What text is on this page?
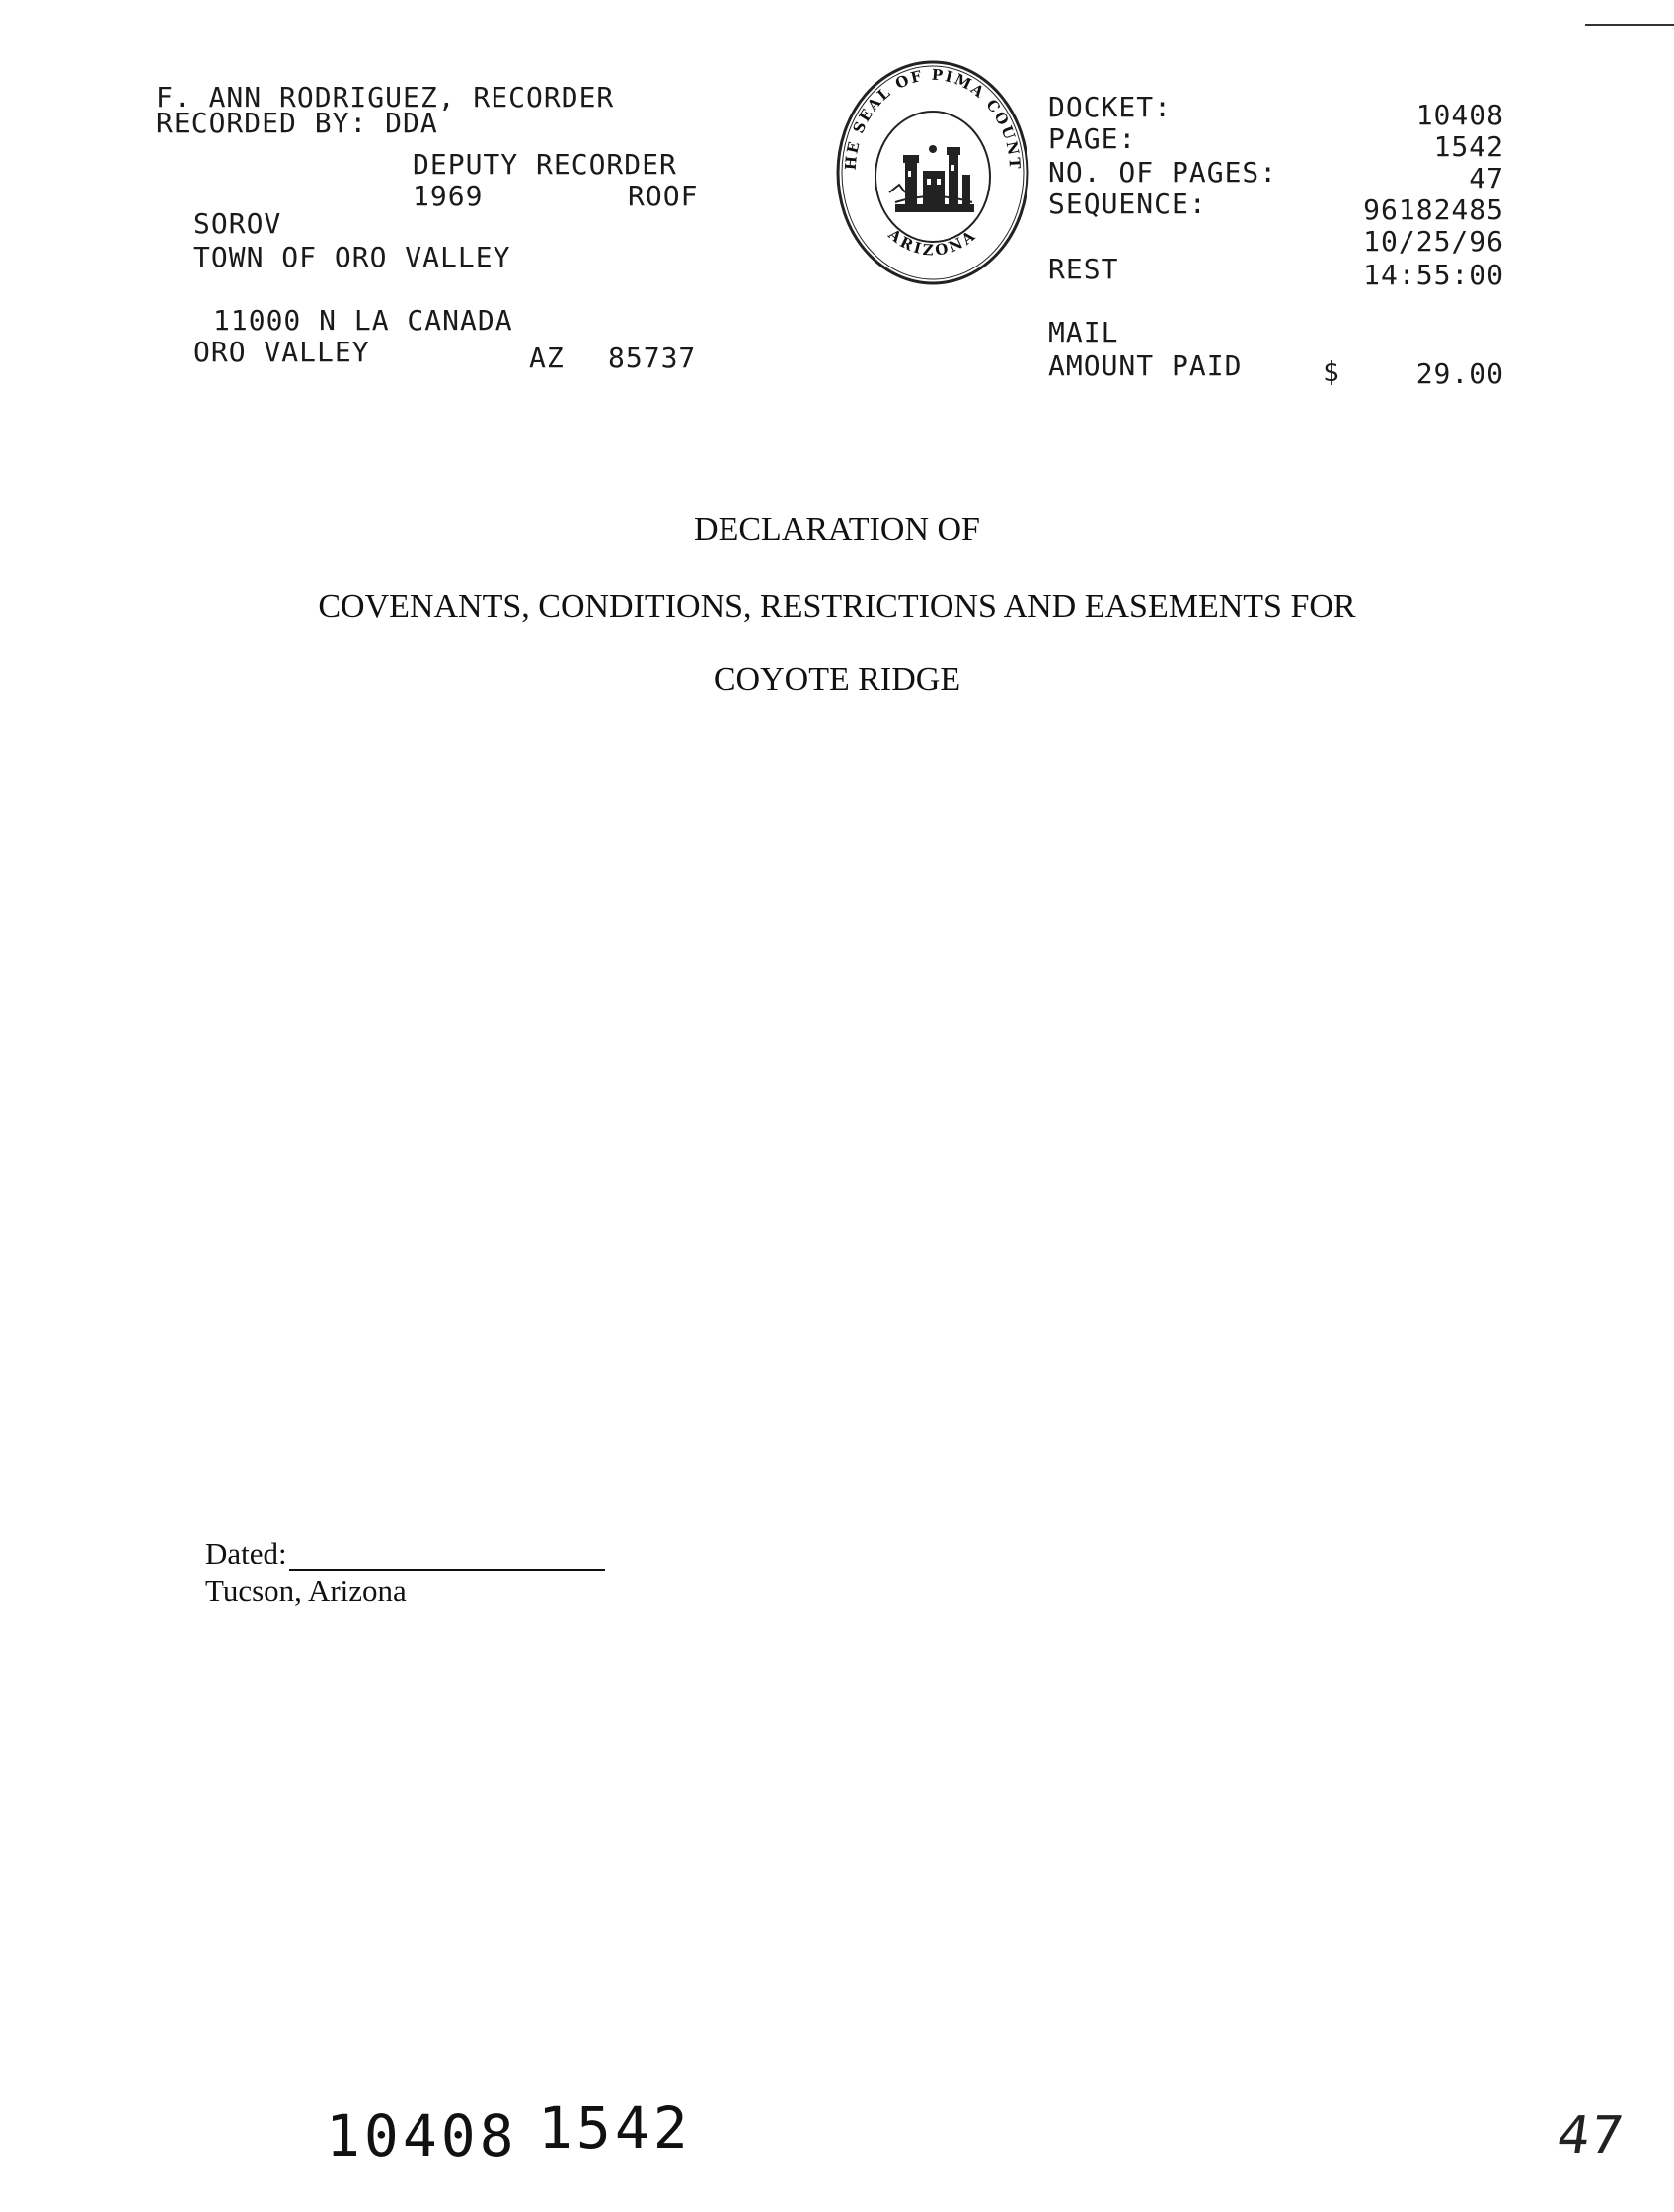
F. ANN RODRIGUEZ, RECORDER
RECORDED BY: DDA
DEPUTY RECORDER
1969	ROOF
SOROV
TOWN OF ORO VALLEY
11000 N LA CANADA
ORO VALLEY	AZ 85737
HE SEAL OF PIMA COUNT
ARIZONA
DOCKET:	10408
PAGE:	1542
NO. OF PAGES:	47
SEQUENCE:	96182485
10/25/96
REST	14:55:00
MAIL
AMOUNT PAID	$	29.00
DECLARATION OF
COVENANTS, CONDITIONS, RESTRICTIONS AND EASEMENTS FOR
COYOTE RIDGE
Dated:
Tucson, Arizona
10408 1542	47
